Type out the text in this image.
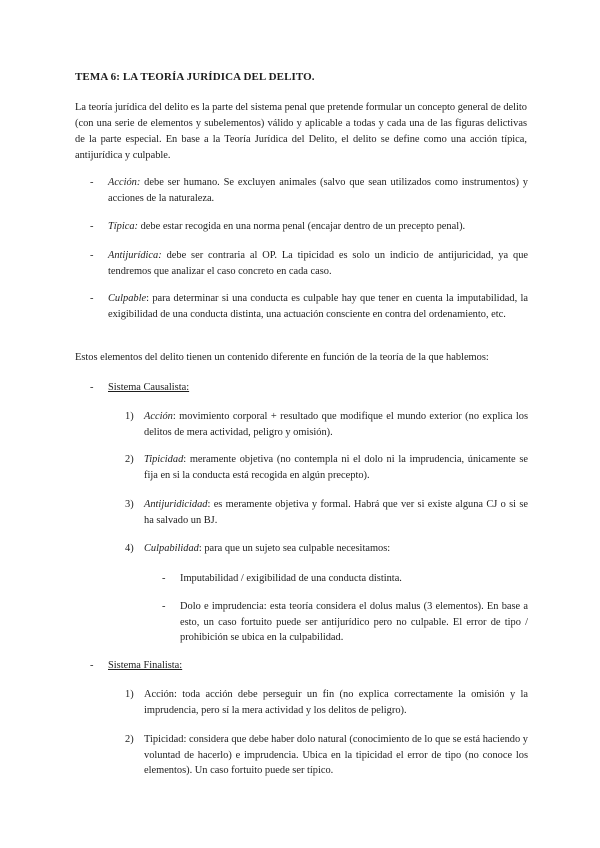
TEMA 6: LA TEORÍA JURÍDICA DEL DELITO.
La teoría jurídica del delito es la parte del sistema penal que pretende formular un concepto general de delito (con una serie de elementos y subelementos) válido y aplicable a todas y cada una de las figuras delictivas de la parte especial. En base a la Teoría Jurídica del Delito, el delito se define como una acción típica, antijurídica y culpable.
- Acción: debe ser humano. Se excluyen animales (salvo que sean utilizados como instrumentos) y acciones de la naturaleza.
- Típica: debe estar recogida en una norma penal (encajar dentro de un precepto penal).
- Antijurídica: debe ser contraria al OP. La tipicidad es solo un indicio de antijuricidad, ya que tendremos que analizar el caso concreto en cada caso.
- Culpable: para determinar si una conducta es culpable hay que tener en cuenta la imputabilidad, la exigibilidad de una conducta distinta, una actuación consciente en contra del ordenamiento, etc.
Estos elementos del delito tienen un contenido diferente en función de la teoría de la que hablemos:
- Sistema Causalista:
1) Acción: movimiento corporal + resultado que modifique el mundo exterior (no explica los delitos de mera actividad, peligro y omisión).
2) Tipicidad: meramente objetiva (no contempla ni el dolo ni la imprudencia, únicamente se fija en si la conducta está recogida en algún precepto).
3) Antijuridicidad: es meramente objetiva y formal. Habrá que ver si existe alguna CJ o si se ha salvado un BJ.
4) Culpabilidad: para que un sujeto sea culpable necesitamos:
- Imputabilidad / exigibilidad de una conducta distinta.
- Dolo e imprudencia: esta teoría considera el dolus malus (3 elementos). En base a esto, un caso fortuito puede ser antijurídico pero no culpable. El error de tipo / prohibición se ubica en la culpabilidad.
- Sistema Finalista:
1) Acción: toda acción debe perseguir un fin (no explica correctamente la omisión y la imprudencia, pero sí la mera actividad y los delitos de peligro).
2) Tipicidad: considera que debe haber dolo natural (conocimiento de lo que se está haciendo y voluntad de hacerlo) e imprudencia. Ubica en la tipicidad el error de tipo (no conoce los elementos). Un caso fortuito puede ser típico.
